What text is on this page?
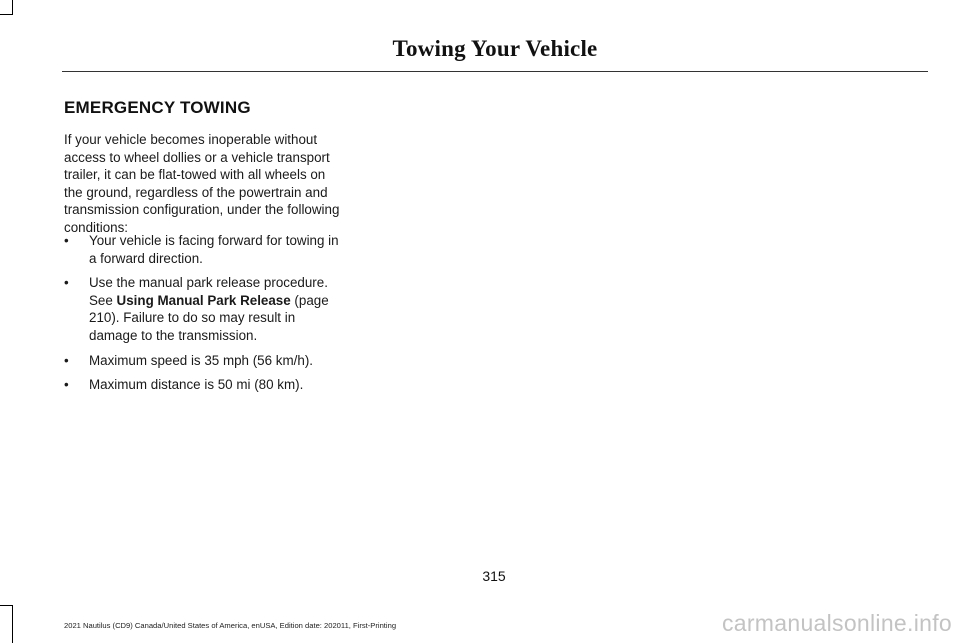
Towing Your Vehicle
EMERGENCY TOWING

If your vehicle becomes inoperable without access to wheel dollies or a vehicle transport trailer, it can be flat-towed with all wheels on the ground, regardless of the powertrain and transmission configuration, under the following conditions:

• Your vehicle is facing forward for towing in a forward direction.
• Use the manual park release procedure. See Using Manual Park Release (page 210). Failure to do so may result in damage to the transmission.
• Maximum speed is 35 mph (56 km/h).
• Maximum distance is 50 mi (80 km).
315
2021 Nautilus (CD9) Canada/United States of America, enUSA, Edition date: 202011, First-Printing	carmanualsonline.info
